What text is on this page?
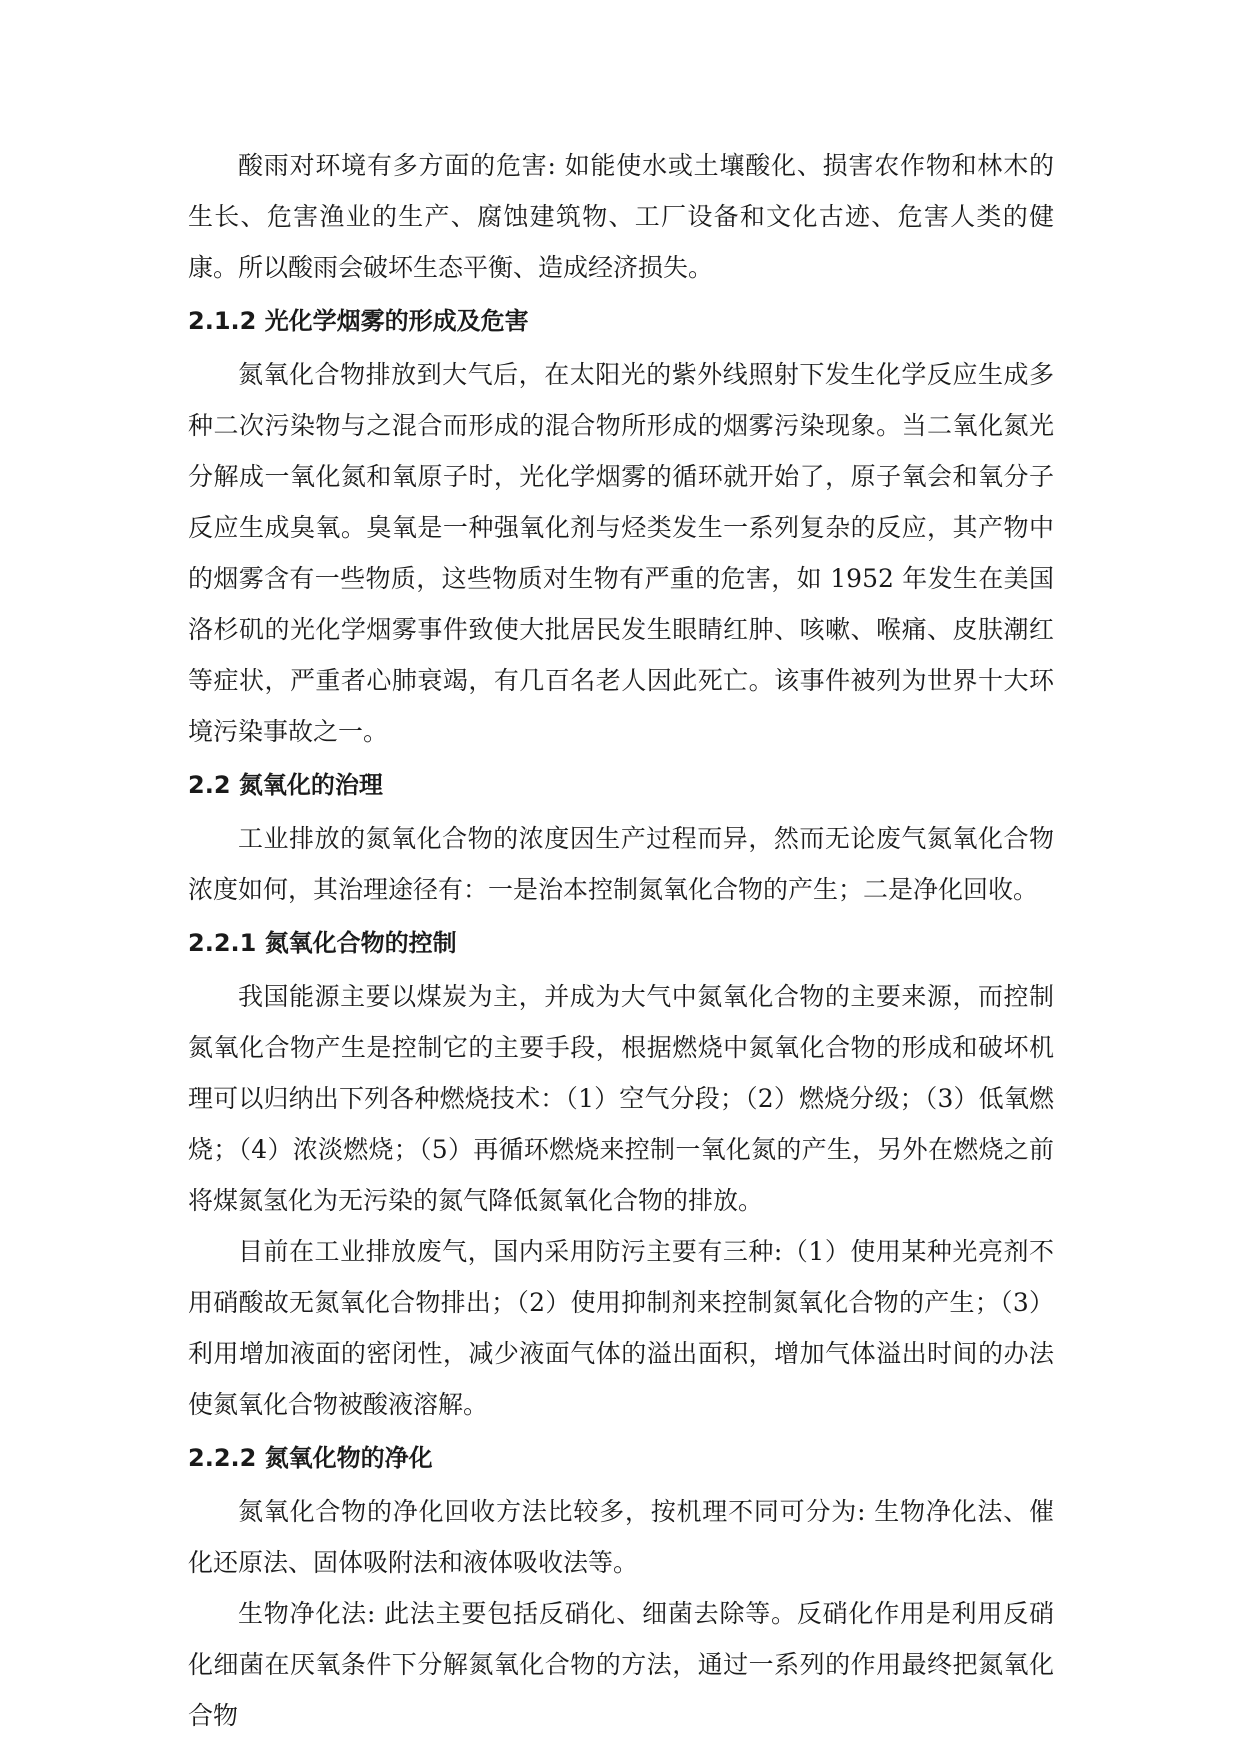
酸雨对环境有多方面的危害: 如能使水或土壤酸化、损害农作物和林木的生长、危害渔业的生产、腐蚀建筑物、工厂设备和文化古迹、危害人类的健康。所以酸雨会破坏生态平衡、造成经济损失。

2.1.2 光化学烟雾的形成及危害

氮氧化合物排放到大气后，在太阳光的紫外线照射下发生化学反应生成多种二次污染物与之混合而形成的混合物所形成的烟雾污染现象。当二氧化氮光分解成一氧化氮和氧原子时，光化学烟雾的循环就开始了，原子氧会和氧分子反应生成臭氧。臭氧是一种强氧化剂与烃类发生一系列复杂的反应，其产物中的烟雾含有一些物质，这些物质对生物有严重的危害，如 1952 年发生在美国洛杉矶的光化学烟雾事件致使大批居民发生眼睛红肿、咳嗽、喉痛、皮肤潮红等症状，严重者心肺衰竭，有几百名老人因此死亡。该事件被列为世界十大环境污染事故之一。

2.2 氮氧化的治理

工业排放的氮氧化合物的浓度因生产过程而异，然而无论废气氮氧化合物浓度如何，其治理途径有：一是治本控制氮氧化合物的产生；二是净化回收。

2.2.1 氮氧化合物的控制

我国能源主要以煤炭为主，并成为大气中氮氧化合物的主要来源，而控制氮氧化合物产生是控制它的主要手段，根据燃烧中氮氧化合物的形成和破坏机理可以归纳出下列各种燃烧技术：（1）空气分段；（2）燃烧分级；（3）低氧燃烧；（4）浓淡燃烧；（5）再循环燃烧来控制一氧化氮的产生，另外在燃烧之前将煤氮氢化为无污染的氮气降低氮氧化合物的排放。

目前在工业排放废气，国内采用防污主要有三种:（1）使用某种光亮剂不用硝酸故无氮氧化合物排出；（2）使用抑制剂来控制氮氧化合物的产生；（3）利用增加液面的密闭性，减少液面气体的溢出面积，增加气体溢出时间的办法使氮氧化合物被酸液溶解。

2.2.2 氮氧化物的净化

氮氧化合物的净化回收方法比较多，按机理不同可分为: 生物净化法、催化还原法、固体吸附法和液体吸收法等。

生物净化法: 此法主要包括反硝化、细菌去除等。反硝化作用是利用反硝化细菌在厌氧条件下分解氮氧化合物的方法，通过一系列的作用最终把氮氧化合物
